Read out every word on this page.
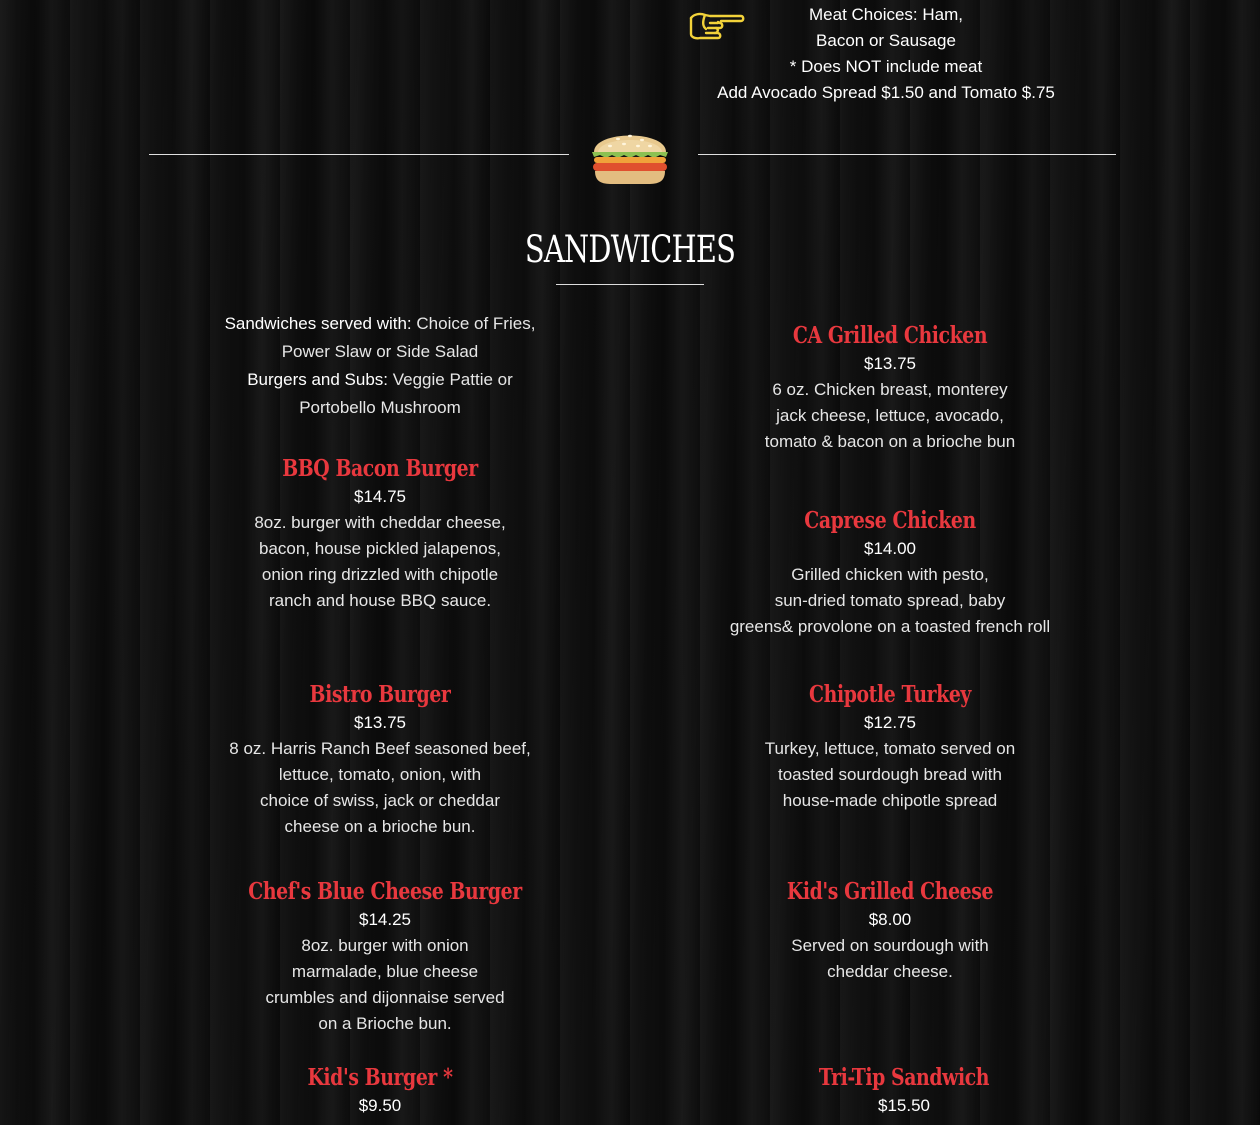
Meat Choices: Ham,
Bacon or Sausage
* Does NOT include meat
Add Avocado Spread $1.50 and Tomato $.75
SANDWICHES
Sandwiches served with: Choice of Fries,
Power Slaw or Side Salad
Burgers and Subs: Veggie Pattie or
Portobello Mushroom
BBQ Bacon Burger
$14.75
8oz. burger with cheddar cheese,
bacon, house pickled jalapenos,
onion ring drizzled with chipotle
ranch and house BBQ sauce.
Bistro Burger
$13.75
8 oz. Harris Ranch Beef seasoned beef,
lettuce, tomato, onion, with
choice of swiss, jack or cheddar
cheese on a brioche bun.
Chef's Blue Cheese Burger
$14.25
8oz. burger with onion
marmalade, blue cheese
crumbles and dijonnaise served
on a Brioche bun.
Kid's Burger *
$9.50
CA Grilled Chicken
$13.75
6 oz. Chicken breast, monterey
jack cheese, lettuce, avocado,
tomato & bacon on a brioche bun
Caprese Chicken
$14.00
Grilled chicken with pesto,
sun-dried tomato spread, baby
greens& provolone on a toasted french roll
Chipotle Turkey
$12.75
Turkey, lettuce, tomato served on
toasted sourdough bread with
house-made chipotle spread
Kid's Grilled Cheese
$8.00
Served on sourdough with
cheddar cheese.
Tri-Tip Sandwich
$15.50
